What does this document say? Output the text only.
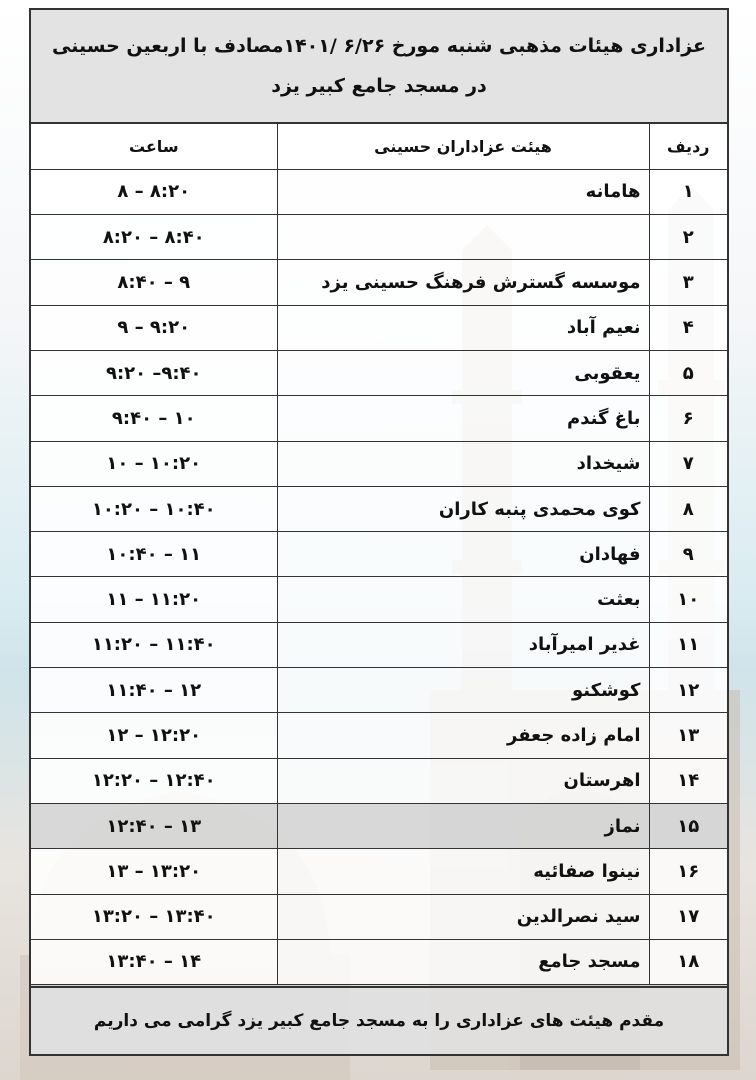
عزاداری هیئات مذهبی شنبه مورخ ۶/۲۶ /۱۴۰۱مصادف با اربعین حسینی
در مسجد جامع کبیر یزد
ردیف	هیئت عزاداران حسینی	ساعت
۱	هامانه	۸ – ۸:۲۰
۲		۸:۲۰ – ۸:۴۰
۳	موسسه گسترش فرهنگ حسینی یزد	۸:۴۰ – ۹
۴	نعیم آباد	۹ – ۹:۲۰
۵	یعقوبی	۹:۲۰ –۹:۴۰
۶	باغ گندم	۹:۴۰ – ۱۰
۷	شیخداد	۱۰ – ۱۰:۲۰
۸	کوی محمدی پنبه کاران	۱۰:۲۰ – ۱۰:۴۰
۹	فهادان	۱۰:۴۰ – ۱۱
۱۰	بعثت	۱۱ – ۱۱:۲۰
۱۱	غدیر امیرآباد	۱۱:۲۰ – ۱۱:۴۰
۱۲	کوشکنو	۱۱:۴۰ – ۱۲
۱۳	امام زاده جعفر	۱۲ – ۱۲:۲۰
۱۴	اهرستان	۱۲:۲۰ – ۱۲:۴۰
۱۵	نماز	۱۲:۴۰ – ۱۳
۱۶	نینوا صفائیه	۱۳ – ۱۳:۲۰
۱۷	سید نصرالدین	۱۳:۲۰ – ۱۳:۴۰
۱۸	مسجد جامع	۱۳:۴۰ – ۱۴
مقدم هیئت های عزاداری را به مسجد جامع کبیر یزد گرامی می داریم
